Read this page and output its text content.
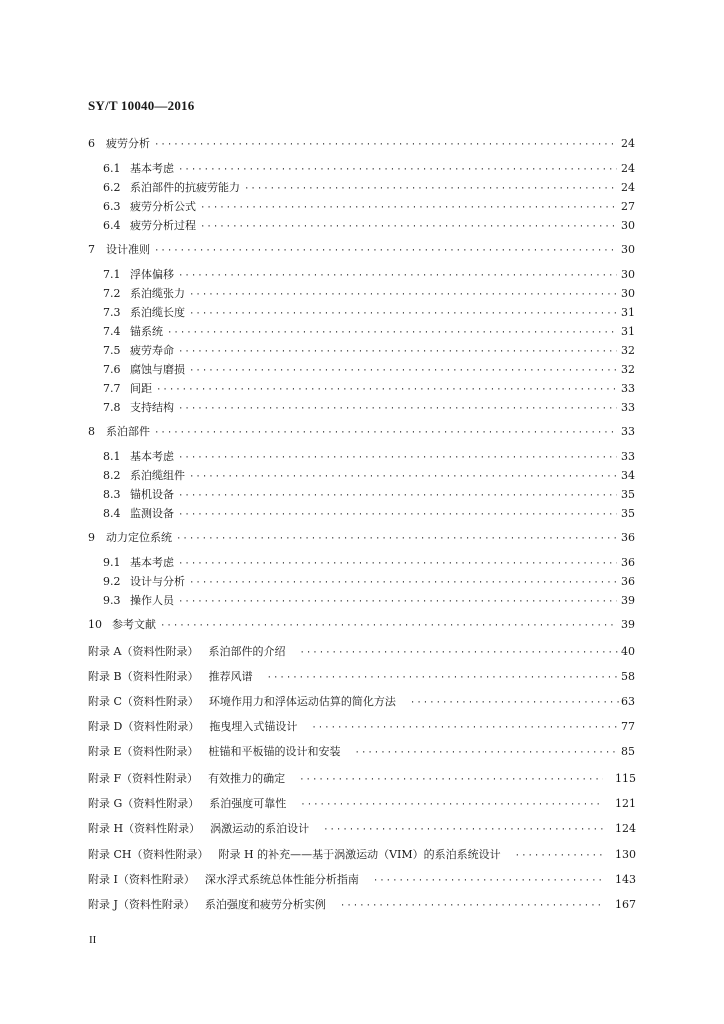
SY/T 10040—2016
6 疲劳分析 ·····	24
6.1 基本考虑 ·····	24
6.2 系泊部件的抗疲劳能力 ·····	24
6.3 疲劳分析公式 ·····	27
6.4 疲劳分析过程 ·····	30
7 设计准则 ·····	30
7.1 浮体偏移 ·····	30
7.2 系泊缆张力 ·····	30
7.3 系泊缆长度 ·····	31
7.4 锚系统 ·····	31
7.5 疲劳寿命 ·····	32
7.6 腐蚀与磨损 ·····	32
7.7 间距 ·····	33
7.8 支持结构 ·····	33
8 系泊部件 ·····	33
8.1 基本考虑 ·····	33
8.2 系泊缆组件 ·····	34
8.3 锚机设备 ·····	35
8.4 监测设备 ·····	35
9 动力定位系统 ·····	36
9.1 基本考虑 ·····	36
9.2 设计与分析 ·····	36
9.3 操作人员 ·····	39
10 参考文献 ·····	39
附录 A（资料性附录） 系泊部件的介绍 ·····	40
附录 B（资料性附录） 推荐风谱 ·····	58
附录 C（资料性附录） 环境作用力和浮体运动估算的简化方法 ·····	63
附录 D（资料性附录） 拖曳埋入式锚设计 ·····	77
附录 E（资料性附录） 桩锚和平板锚的设计和安装 ·····	85
附录 F（资料性附录） 有效推力的确定 ·····	115
附录 G（资料性附录） 系泊强度可靠性 ·····	121
附录 H（资料性附录） 涡激运动的系泊设计 ·····	124
附录 CH（资料性附录） 附录 H 的补充——基于涡激运动（VIM）的系泊系统设计 ·····	130
附录 I（资料性附录） 深水浮式系统总体性能分析指南 ·····	143
附录 J（资料性附录） 系泊强度和疲劳分析实例 ·····	167
II
